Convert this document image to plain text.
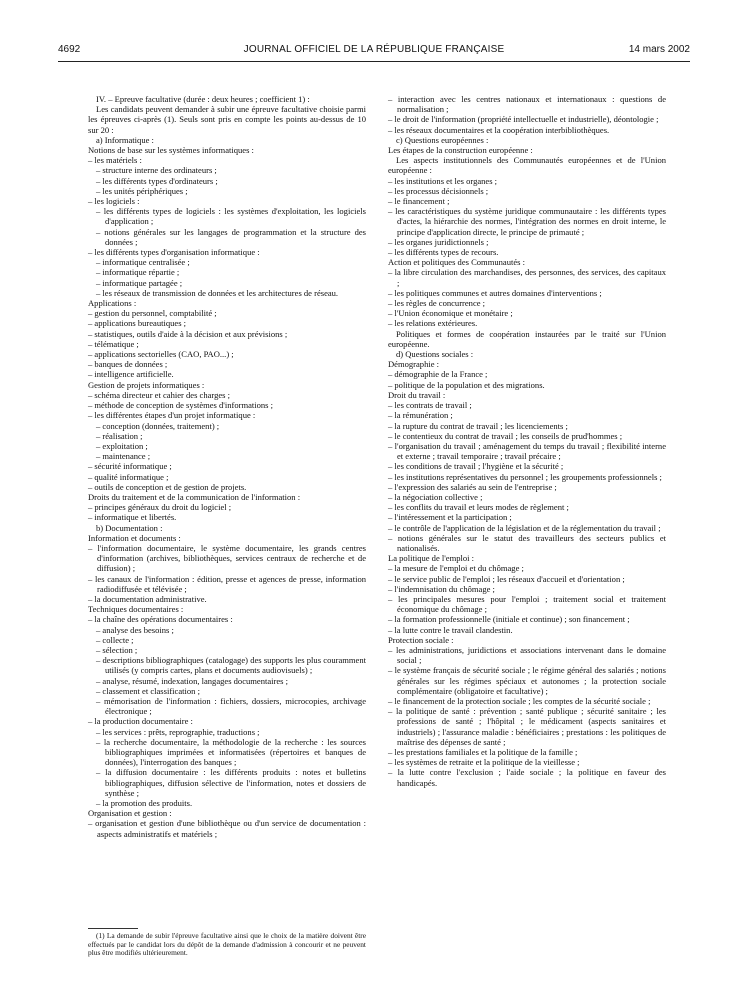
4692	JOURNAL OFFICIEL DE LA RÉPUBLIQUE FRANÇAISE	14 mars 2002

IV. – Epreuve facultative (durée : deux heures ; coefficient 1) :

Les candidats peuvent demander à subir une épreuve facultative choisie parmi les épreuves ci-après (1). Seuls sont pris en compte les points au-dessus de 10 sur 20 :

a) Informatique :

Notions de base sur les systèmes informatiques :

– les matériels :

– structure interne des ordinateurs ;

– les différents types d'ordinateurs ;

– les unités périphériques ;

– les logiciels :

– les différents types de logiciels : les systèmes d'exploitation, les logiciels d'application ;

– notions générales sur les langages de programmation et la structure des données ;

– les différents types d'organisation informatique :

– informatique centralisée ;

– informatique répartie ;

– informatique partagée ;

– les réseaux de transmission de données et les architectures de réseau.

Applications :

– gestion du personnel, comptabilité ;

– applications bureautiques ;

– statistiques, outils d'aide à la décision et aux prévisions ;

– télématique ;

– applications sectorielles (CAO, PAO...) ;

– banques de données ;

– intelligence artificielle.

Gestion de projets informatiques :

– schéma directeur et cahier des charges ;

– méthode de conception de systèmes d'informations ;

– les différentes étapes d'un projet informatique :

– conception (données, traitement) ;

– réalisation ;

– exploitation ;

– maintenance ;

– sécurité informatique ;

– qualité informatique ;

– outils de conception et de gestion de projets.

Droits du traitement et de la communication de l'information :

– principes généraux du droit du logiciel ;

– informatique et libertés.

b) Documentation :

Information et documents :

– l'information documentaire, le système documentaire, les grands centres d'information (archives, bibliothèques, services centraux de recherche et de diffusion) ;

– les canaux de l'information : édition, presse et agences de presse, information radiodiffusée et télévisée ;

– la documentation administrative.

Techniques documentaires :

– la chaîne des opérations documentaires :

– analyse des besoins ;

– collecte ;

– sélection ;

– descriptions bibliographiques (catalogage) des supports les plus couramment utilisés (y compris cartes, plans et documents audiovisuels) ;

– analyse, résumé, indexation, langages documentaires ;

– classement et classification ;

– mémorisation de l'information : fichiers, dossiers, microcopies, archivage électronique ;

– la production documentaire :

– les services : prêts, reprographie, traductions ;

– la recherche documentaire, la méthodologie de la recherche : les sources bibliographiques imprimées et informatisées (répertoires et banques de données), l'interrogation des banques ;

– la diffusion documentaire : les différents produits : notes et bulletins bibliographiques, diffusion sélective de l'information, notes et dossiers de synthèse ;

– la promotion des produits.

Organisation et gestion :

– organisation et gestion d'une bibliothèque ou d'un service de documentation : aspects administratifs et matériels ;

– interaction avec les centres nationaux et internationaux : questions de normalisation ;

– le droit de l'information (propriété intellectuelle et industrielle), déontologie ;

– les réseaux documentaires et la coopération interbibliothèques.

c) Questions européennes :

Les étapes de la construction européenne :

Les aspects institutionnels des Communautés européennes et de l'Union européenne :

– les institutions et les organes ;

– les processus décisionnels ;

– le financement ;

– les caractéristiques du système juridique communautaire : les différents types d'actes, la hiérarchie des normes, l'intégration des normes en droit interne, le principe d'application directe, le principe de primauté ;

– les organes juridictionnels ;

– les différents types de recours.

Action et politiques des Communautés :

– la libre circulation des marchandises, des personnes, des services, des capitaux ;

– les politiques communes et autres domaines d'interventions ;

– les règles de concurrence ;

– l'Union économique et monétaire ;

– les relations extérieures.

Politiques et formes de coopération instaurées par le traité sur l'Union européenne.

d) Questions sociales :

Démographie :

– démographie de la France ;

– politique de la population et des migrations.

Droit du travail :

– les contrats de travail ;

– la rémunération ;

– la rupture du contrat de travail ; les licenciements ;

– le contentieux du contrat de travail ; les conseils de prud'hommes ;

– l'organisation du travail ; aménagement du temps du travail ; flexibilité interne et externe ; travail temporaire ; travail précaire ;

– les conditions de travail ; l'hygiène et la sécurité ;

– les institutions représentatives du personnel ; les groupements professionnels ;

– l'expression des salariés au sein de l'entreprise ;

– la négociation collective ;

– les conflits du travail et leurs modes de règlement ;

– l'intéressement et la participation ;

– le contrôle de l'application de la législation et de la réglementation du travail ;

– notions générales sur le statut des travailleurs des secteurs publics et nationalisés.

La politique de l'emploi :

– la mesure de l'emploi et du chômage ;

– le service public de l'emploi ; les réseaux d'accueil et d'orientation ;

– l'indemnisation du chômage ;

– les principales mesures pour l'emploi ; traitement social et traitement économique du chômage ;

– la formation professionnelle (initiale et continue) ; son financement ;

– la lutte contre le travail clandestin.

Protection sociale :

– les administrations, juridictions et associations intervenant dans le domaine social ;

– le système français de sécurité sociale ; le régime général des salariés ; notions générales sur les régimes spéciaux et autonomes ; la protection sociale complémentaire (obligatoire et facultative) ;

– le financement de la protection sociale ; les comptes de la sécurité sociale ;

– la politique de santé : prévention ; santé publique ; sécurité sanitaire ; les professions de santé ; l'hôpital ; le médicament (aspects sanitaires et industriels) ; l'assurance maladie : bénéficiaires ; prestations : les politiques de maîtrise des dépenses de santé ;

– les prestations familiales et la politique de la famille ;

– les systèmes de retraite et la politique de la vieillesse ;

– la lutte contre l'exclusion ; l'aide sociale ; la politique en faveur des handicapés.

(1) La demande de subir l'épreuve facultative ainsi que le choix de la matière doivent être effectués par le candidat lors du dépôt de la demande d'admission à concourir et ne peuvent plus être modifiés ultérieurement.
